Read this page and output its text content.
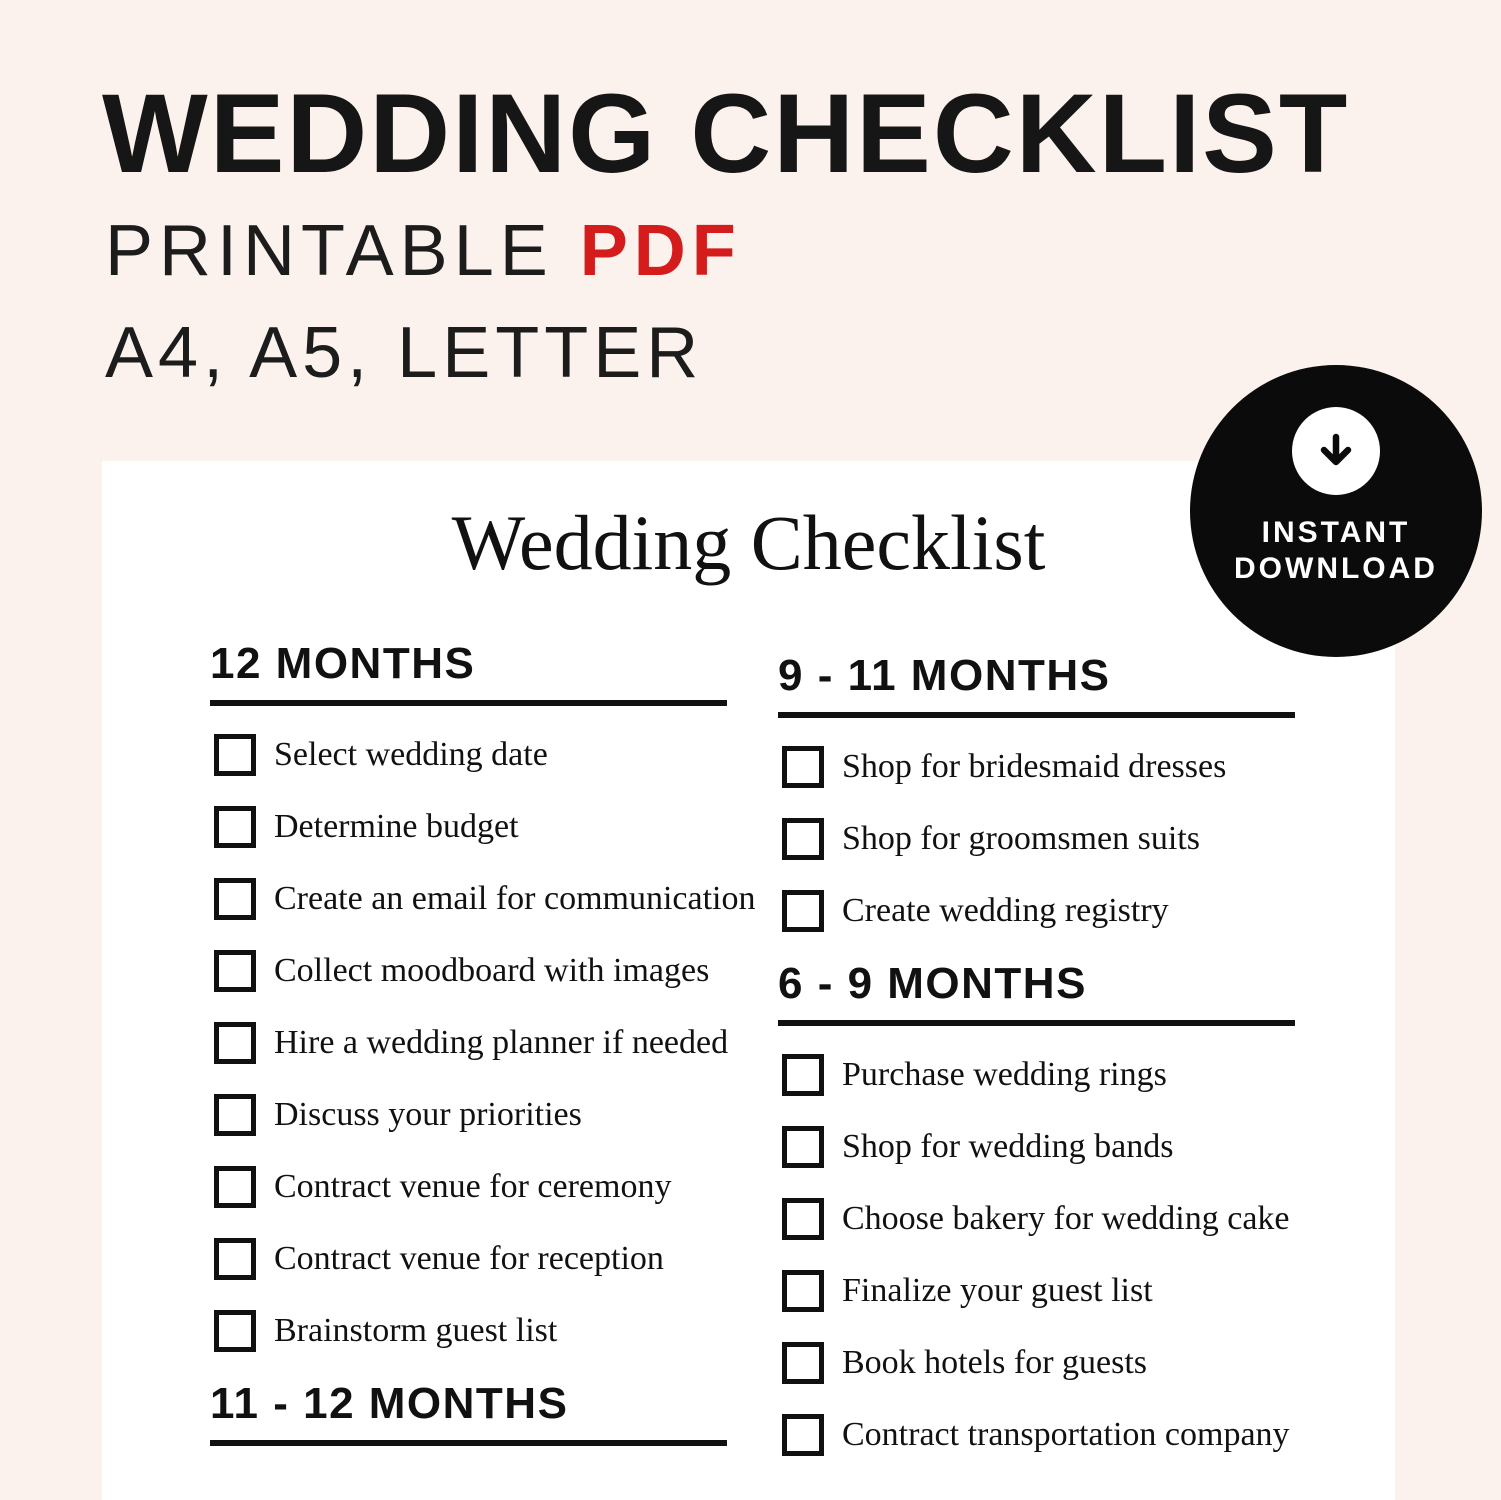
WEDDING CHECKLIST
PRINTABLE PDF
A4, A5, LETTER
Wedding Checklist
12 MONTHS
Select wedding date
Determine budget
Create an email for communication
Collect moodboard with images
Hire a wedding planner if needed
Discuss your priorities
Contract venue for ceremony
Contract venue for reception
Brainstorm guest list
11 - 12 MONTHS
9 - 11 MONTHS
Shop for bridesmaid dresses
Shop for groomsmen suits
Create wedding registry
6 - 9 MONTHS
Purchase wedding rings
Shop for wedding bands
Choose bakery for wedding cake
Finalize your guest list
Book hotels for guests
Contract transportation company
INSTANT
DOWNLOAD
